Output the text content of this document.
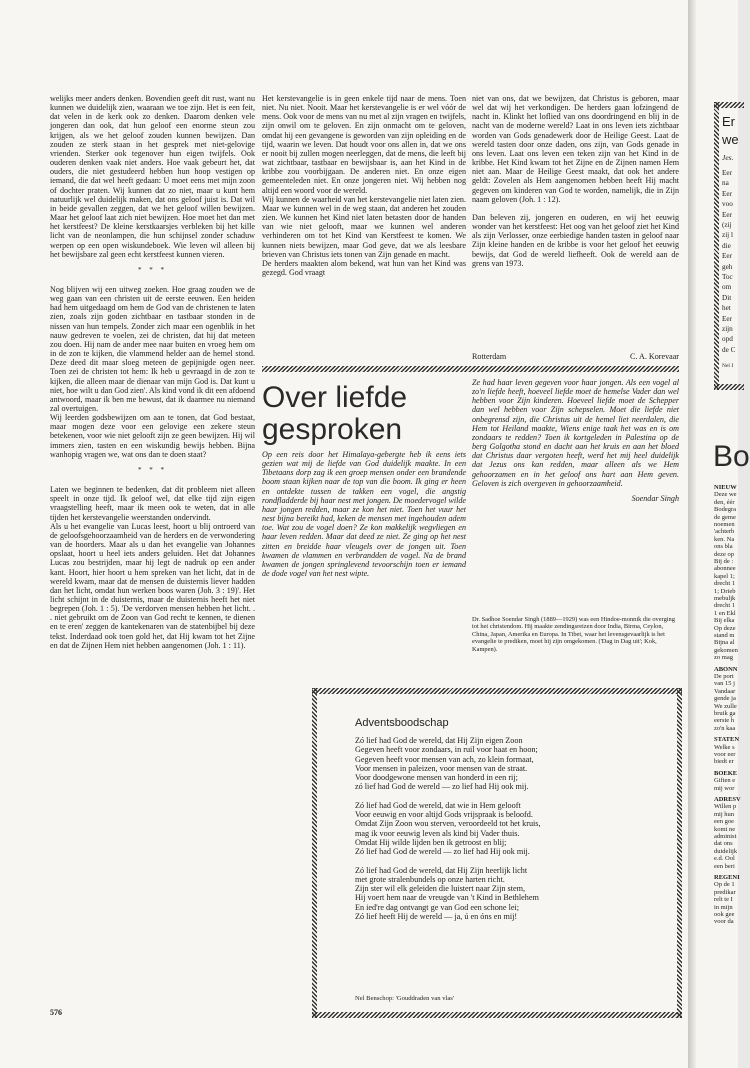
welijks meer anders denken. Bovendien geeft dit rust, want nu kunnen we duidelijk zien, waaraan we toe zijn. Het is een feit, dat velen in de kerk ook zo denken. Daarom denken vele jongeren dan ook, dat hun geloof een enorme steun zou krijgen, als we het geloof zouden kunnen bewijzen. Dan zouden ze sterk staan in het gesprek met niet-gelovige vrienden. Sterker ook tegenover hun eigen twijfels. Ook ouderen denken vaak niet anders. Hoe vaak gebeurt het, dat ouders, die niet gestudeerd hebben hun hoop vestigen op iemand, die dat wel heeft gedaan: U moet eens met mijn zoon of dochter praten. Wij kunnen dat zo niet, maar u kunt hem natuurlijk wel duidelijk maken, dat ons geloof juist is. Dat wil in beide gevallen zeggen, dat we het geloof willen bewijzen. Maar het geloof laat zich niet bewijzen. Hoe moet het dan met het kerstfeest? De kleine kerstkaarsjes verbleken bij het kille licht van de neonlampen, die hun schijnsel zonder schaduw werpen op een open wiskundeboek. Wie leven wil alleen bij het bewijsbare zal geen echt kerstfeest kunnen vieren.

* * *

Nog blijven wij een uitweg zoeken. Hoe graag zouden we de weg gaan van een christen uit de eerste eeuwen. Een heiden had hem uitgedaagd om hem de God van de christenen te laten zien, zoals zijn goden zichtbaar en tastbaar stonden in de nissen van hun tempels. Zonder zich maar een ogenblik in het nauw gedreven te voelen, zei de christen, dat hij dat meteen zou doen. Hij nam de ander mee naar buiten en vroeg hem om in de zon te kijken, die vlammend helder aan de hemel stond. Deze deed dit maar sloeg meteen de gepijnigde ogen neer. Toen zei de christen tot hem: Ik heb u gevraagd in de zon te kijken, die alleen maar de dienaar van mijn God is. Dat kunt u niet, hoe wilt u dan God zien'. Als kind vond ik dit een afdoend antwoord, maar ik ben me bewust, dat ik daarmee nu niemand zal overtuigen.

Wij leerden godsbewijzen om aan te tonen, dat God bestaat, maar mogen deze voor een gelovige een zekere steun betekenen, voor wie niet gelooft zijn ze geen bewijzen. Hij wil immers zien, tasten en een wiskundig bewijs hebben. Bijna wanhopig vragen we, wat ons dan te doen staat?

* * *

Laten we beginnen te bedenken, dat dit probleem niet alleen speelt in onze tijd. Ik geloof wel, dat elke tijd zijn eigen vraagstelling heeft, maar ik meen ook te weten, dat in alle tijden het kerstevangelie weerstanden ondervindt.

Als u het evangelie van Lucas leest, hoort u blij ontroerd van de geloofsgehoorzaamheid van de herders en de verwondering van de hoorders. Maar als u dan het evangelie van Johannes opslaat, hoort u heel iets anders geluiden. Het dat Johannes Lucas zou bestrijden, maar hij legt de nadruk op een ander kant. Hoort, hier hoort u hem spreken van het licht, dat in de wereld kwam, maar dat de mensen de duisternis liever hadden dan het licht, omdat hun werken boos waren (Joh. 3 : 19)'. Het licht schijnt in de duisternis, maar de duisternis heeft het niet begrepen (Joh. 1 : 5). 'De verdorven mensen hebben het licht. . . niet gebruikt om de Zoon van God recht te kennen, te dienen en te eren' zeggen de kantekenaren van de statenbijbel bij deze tekst. Inderdaad ook toen gold het, dat Hij kwam tot het Zijne en dat de Zijnen Hem niet hebben aangenomen (Joh. 1 : 11).

Het kerstevangelie is in geen enkele tijd naar de mens. Toen niet. Nu niet. Nooit. Maar het kerstevangelie is er wel vóór de mens. Ook voor de mens van nu met al zijn vragen en twijfels, zijn onwil om te geloven. En zijn onmacht om te geloven, omdat hij een gevangene is geworden van zijn opleiding en de tijd, waarin we leven. Dat houdt voor ons allen in, dat we ons er nooit bij zullen mogen neerleggen, dat de mens, die leeft bij wat zichtbaar, tastbaar en bewijsbaar is, aan het Kind in de kribbe zou voorbijgaan. De anderen niet. En onze eigen gemeenteleden niet. En onze jongeren niet. Wij hebben nog altijd een woord voor de wereld.

Wij kunnen de waarheid van het kerstevangelie niet laten zien. Maar we kunnen wel in de weg staan, dat anderen het zouden zien. We kunnen het Kind niet laten betasten door de handen van wie niet gelooft, maar we kunnen wel anderen verhinderen om tot het Kind van Kerstfeest te komen. We kunnen niets bewijzen, maar God geve, dat we als leesbare brieven van Christus iets tonen van Zijn genade en macht.

De herders maakten alom bekend, wat hun van het Kind was gezegd. God vraagt

niet van ons, dat we bewijzen, dat Christus is geboren, maar wel dat wij het verkondigen. De herders gaan lofzingend de nacht in. Klinkt het loflied van ons doordringend en blij in de nacht van de moderne wereld? Laat in ons leven iets zichtbaar worden van Gods genadewerk door de Heilige Geest. Laat de wereld tasten door onze daden, ons zijn, van Gods genade in ons leven. Laat ons leven een teken zijn van het Kind in de kribbe. Het Kind kwam tot het Zijne en de Zijnen namen Hem niet aan. Maar de Heilige Geest maakt, dat ook het andere geldt: Zovelen als Hem aangenomen hebben heeft Hij macht gegeven om kinderen van God te worden, namelijk, die in Zijn naam geloven (Joh. 1 : 12).

Dan beleven zij, jongeren en ouderen, en wij het eeuwig wonder van het kerstfeest: Het oog van het geloof ziet het Kind als zijn Verlosser, onze eerbiedige handen tasten in geloof naar Zijn kleine handen en de kribbe is voor het geloof het eeuwig bewijs, dat God de wereld liefheeft. Ook de wereld aan de grens van 1973.

Rotterdam	C. A. Korevaar
Over liefde
gesproken
Op een reis door het Himalaya-gebergte heb ik eens iets gezien wat mij de liefde van God duidelijk maakte. In een Tibetaans dorp zag ik een groep mensen onder een brandende boom staan kijken naar de top van die boom. Ik ging er heen en ontdekte tussen de takken een vogel, die angstig rondfladderde bij haar nest met jongen. De moedervogel wilde haar jongen redden, maar ze kon het niet. Toen het vuur het nest bijna bereikt had, keken de mensen met ingehouden adem toe. Wat zou de vogel doen? Ze kon makkelijk wegvliegen en haar leven redden. Maar dat deed ze niet. Ze ging op het nest zitten en breidde haar vleugels over de jongen uit. Toen kwamen de vlammen en verbrandden de vogel. Na de brand kwamen de jongen springlevend tevoorschijn toen er iemand de dode vogel van het nest wipte.
Ze had haar leven gegeven voor haar jongen. Als een vogel al zo'n liefde heeft, hoeveel liefde moet de hemelse Vader dan wel hebben voor Zijn kinderen. Hoeveel liefde moet de Schepper dan wel hebben voor Zijn schepselen. Moet die liefde niet onbegrensd zijn, die Christus uit de hemel liet neerdalen, die Hem tot Heiland maakte, Wiens enige taak het was en is om zondaars te redden? Toen ik kortgeleden in Palestina op de berg Golgotha stond en dacht aan het kruis en aan het bloed dat Christus daar vergoten heeft, werd het mij heel duidelijk dat Jezus ons kan redden, maar alleen als we Hem gehoorzamen en in het geloof ons hart aan Hem geven. Geloven is zich overgeven in gehoorzaamheid.
Soendar Singh
Dr. Sadhoe Soendar Singh (1889—1929) was een Hindoe-monnik die overging tot het christendom. Hij maakte zendingsreizen door India, Birma, Ceylon, China, Japan, Amerika en Europa. In Tibet, waar het levensgevaarlijk is het evangelie te prediken, moet hij zijn omgekomen. ('Dag in Dag uit'; Kok, Kampen).
Adventsboodschap
Zó lief had God de wereld, dat Hij Zijn eigen Zoon
Gegeven heeft voor zondaars, in ruil voor haat en hoon;
Gegeven heeft voor mensen van ach, zo klein formaat,
Voor mensen in paleizen, voor mensen van de straat.
Voor doodgewone mensen van honderd in een rij;
zó lief had God de wereld — zo lief had Hij ook mij.
Zó lief had God de wereld, dat wie in Hem gelooft
Voor eeuwig en voor altijd Gods vrijspraak is beloofd.
Omdat Zijn Zoon wou sterven, veroordeeld tot het kruis,
mag ik voor eeuwig leven als kind bij Vader thuis.
Omdat Hij wilde lijden ben ik getroost en blij;
Zó lief had God de wereld — zo lief had Hij ook mij.
Zó lief had God de wereld, dat Hij Zijn heerlijk licht
met grote stralenbundels op onze harten richt.
Zijn ster wil elk geleiden die luistert naar Zijn stem,
Hij voert hem naar de vreugde van 't Kind in Bethlehem
En ied're dag ontvangt ge van God een schone lei;
Zó lief heeft Hij de wereld — ja, ú en óns en mij!
Nel Benschop: 'Gouddraden van vlas'
576
Er
we
Jes.
Eer
na
Eer
voo
Eer
(zij
zij l
die
Eer
geh
Toc
om
Dit
het
Eer
zijn
opd
de C
Nel I
Bo
NIEUW
Deze we
den, éér
Bodegra
de geme
noemen
'achterb
ken. Na
ons bla
deze op
Bij de :
abonnee
kapel 1;
drecht 1
1; Drieb
mebuljk
drecht 1
1 en Ekl
Bij elka
Op deze
stand m
Bijna al
gekomen
zo mag
ABONN
De port
van 15 j
Vandaar
gende ja
We zulle
bruik ga
eerste h
zo'n kaa
STATEN
Welke s
voor eer
biedt er
BOEKE
Giften e
mij wor
ADRESV
Willen p
mij hun
een goe
komt ne
administ
dat ons
duidelijk
e.d. Ool
een beri
REGENI
Op de 1
predikar
relt te I
in mijn
ook gee
voor da
